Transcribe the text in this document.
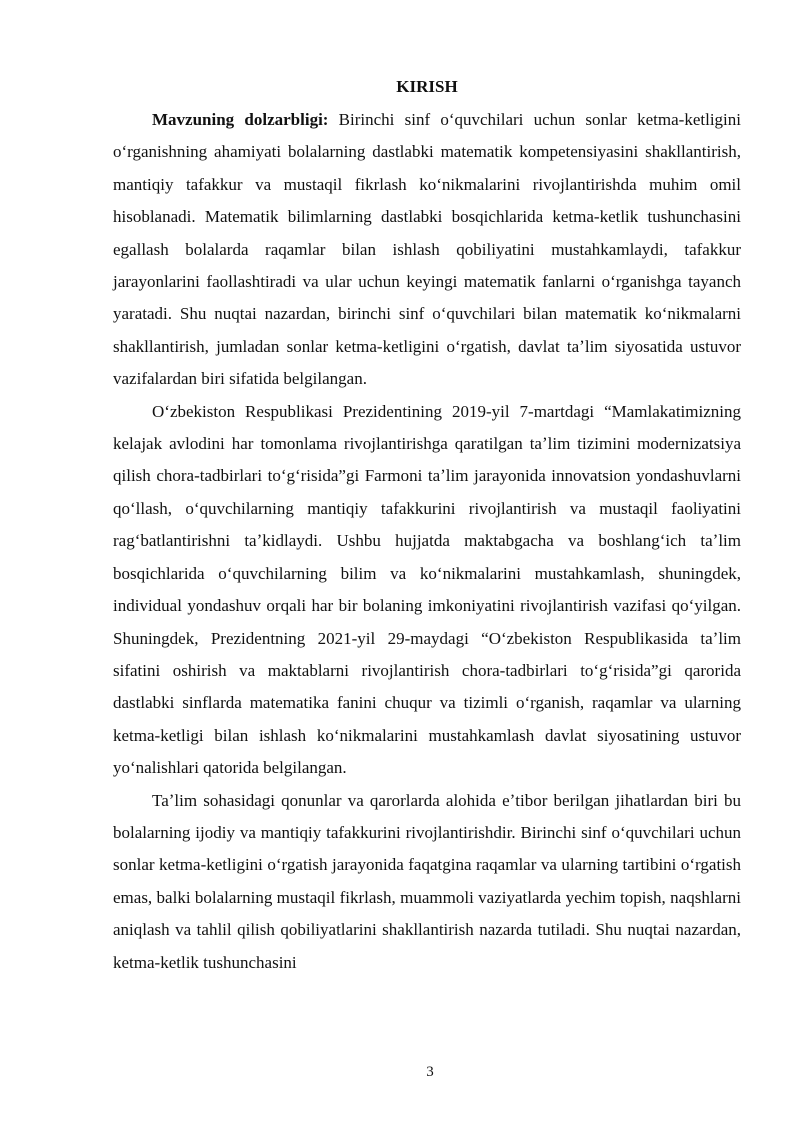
KIRISH

Mavzuning dolzarbligi: Birinchi sinf oʻquvchilari uchun sonlar ketma-ketligini oʻrganishning ahamiyati bolalarning dastlabki matematik kompetensiyasini shakllantirish, mantiqiy tafakkur va mustaqil fikrlash koʻnikmalarini rivojlantirishda muhim omil hisoblanadi. Matematik bilimlarning dastlabki bosqichlarida ketma-ketlik tushunchasini egallash bolalarda raqamlar bilan ishlash qobiliyatini mustahkamlaydi, tafakkur jarayonlarini faollashtiradi va ular uchun keyingi matematik fanlarni oʻrganishga tayanch yaratadi. Shu nuqtai nazardan, birinchi sinf oʻquvchilari bilan matematik koʻnikmalarni shakllantirish, jumladan sonlar ketma-ketligini oʻrgatish, davlat taʼlim siyosatida ustuvor vazifalardan biri sifatida belgilangan.

Oʻzbekiston Respublikasi Prezidentining 2019-yil 7-martdagi “Mamlakatimizning kelajak avlodini har tomonlama rivojlantirishga qaratilgan taʼlim tizimini modernizatsiya qilish chora-tadbirlari toʻgʻrisida”gi Farmoni taʼlim jarayonida innovatsion yondashuvlarni qoʻllash, oʻquvchilarning mantiqiy tafakkurini rivojlantirish va mustaqil faoliyatini ragʻbatlantirishni taʼkidlaydi. Ushbu hujjatda maktabgacha va boshlangʻich taʼlim bosqichlarida oʻquvchilarning bilim va koʻnikmalarini mustahkamlash, shuningdek, individual yondashuv orqali har bir bolaning imkoniyatini rivojlantirish vazifasi qoʻyilgan. Shuningdek, Prezidentning 2021-yil 29-maydagi “Oʻzbekiston Respublikasida taʼlim sifatini oshirish va maktablarni rivojlantirish chora-tadbirlari toʻgʻrisida”gi qarorida dastlabki sinflarda matematika fanini chuqur va tizimli oʻrganish, raqamlar va ularning ketma-ketligi bilan ishlash koʻnikmalarini mustahkamlash davlat siyosatining ustuvor yoʻnalishlari qatorida belgilangan.

Taʼlim sohasidagi qonunlar va qarorlarda alohida eʼtibor berilgan jihatlardan biri bu bolalarning ijodiy va mantiqiy tafakkurini rivojlantirishdir. Birinchi sinf oʻquvchilari uchun sonlar ketma-ketligini oʻrgatish jarayonida faqatgina raqamlar va ularning tartibini oʻrgatish emas, balki bolalarning mustaqil fikrlash, muammoli vaziyatlarda yechim topish, naqshlarni aniqlash va tahlil qilish qobiliyatlarini shakllantirish nazarda tutiladi. Shu nuqtai nazardan, ketma-ketlik tushunchasini

3
